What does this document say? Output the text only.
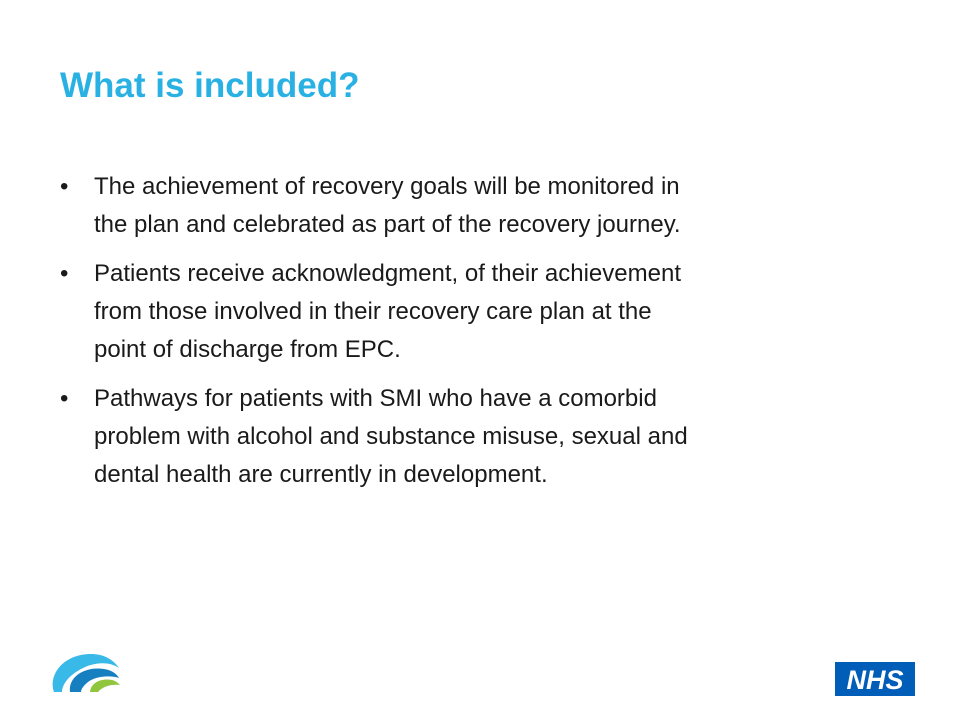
What is included?
•	The achievement of recovery goals will be monitored in
the plan and celebrated as part of the recovery journey.
•	Patients receive acknowledgment, of their achievement
from those involved in their recovery care plan at the
point of discharge from EPC.
•	Pathways for patients with SMI who have a comorbid
problem with alcohol and substance misuse, sexual and
dental health are currently in development.
NHS
